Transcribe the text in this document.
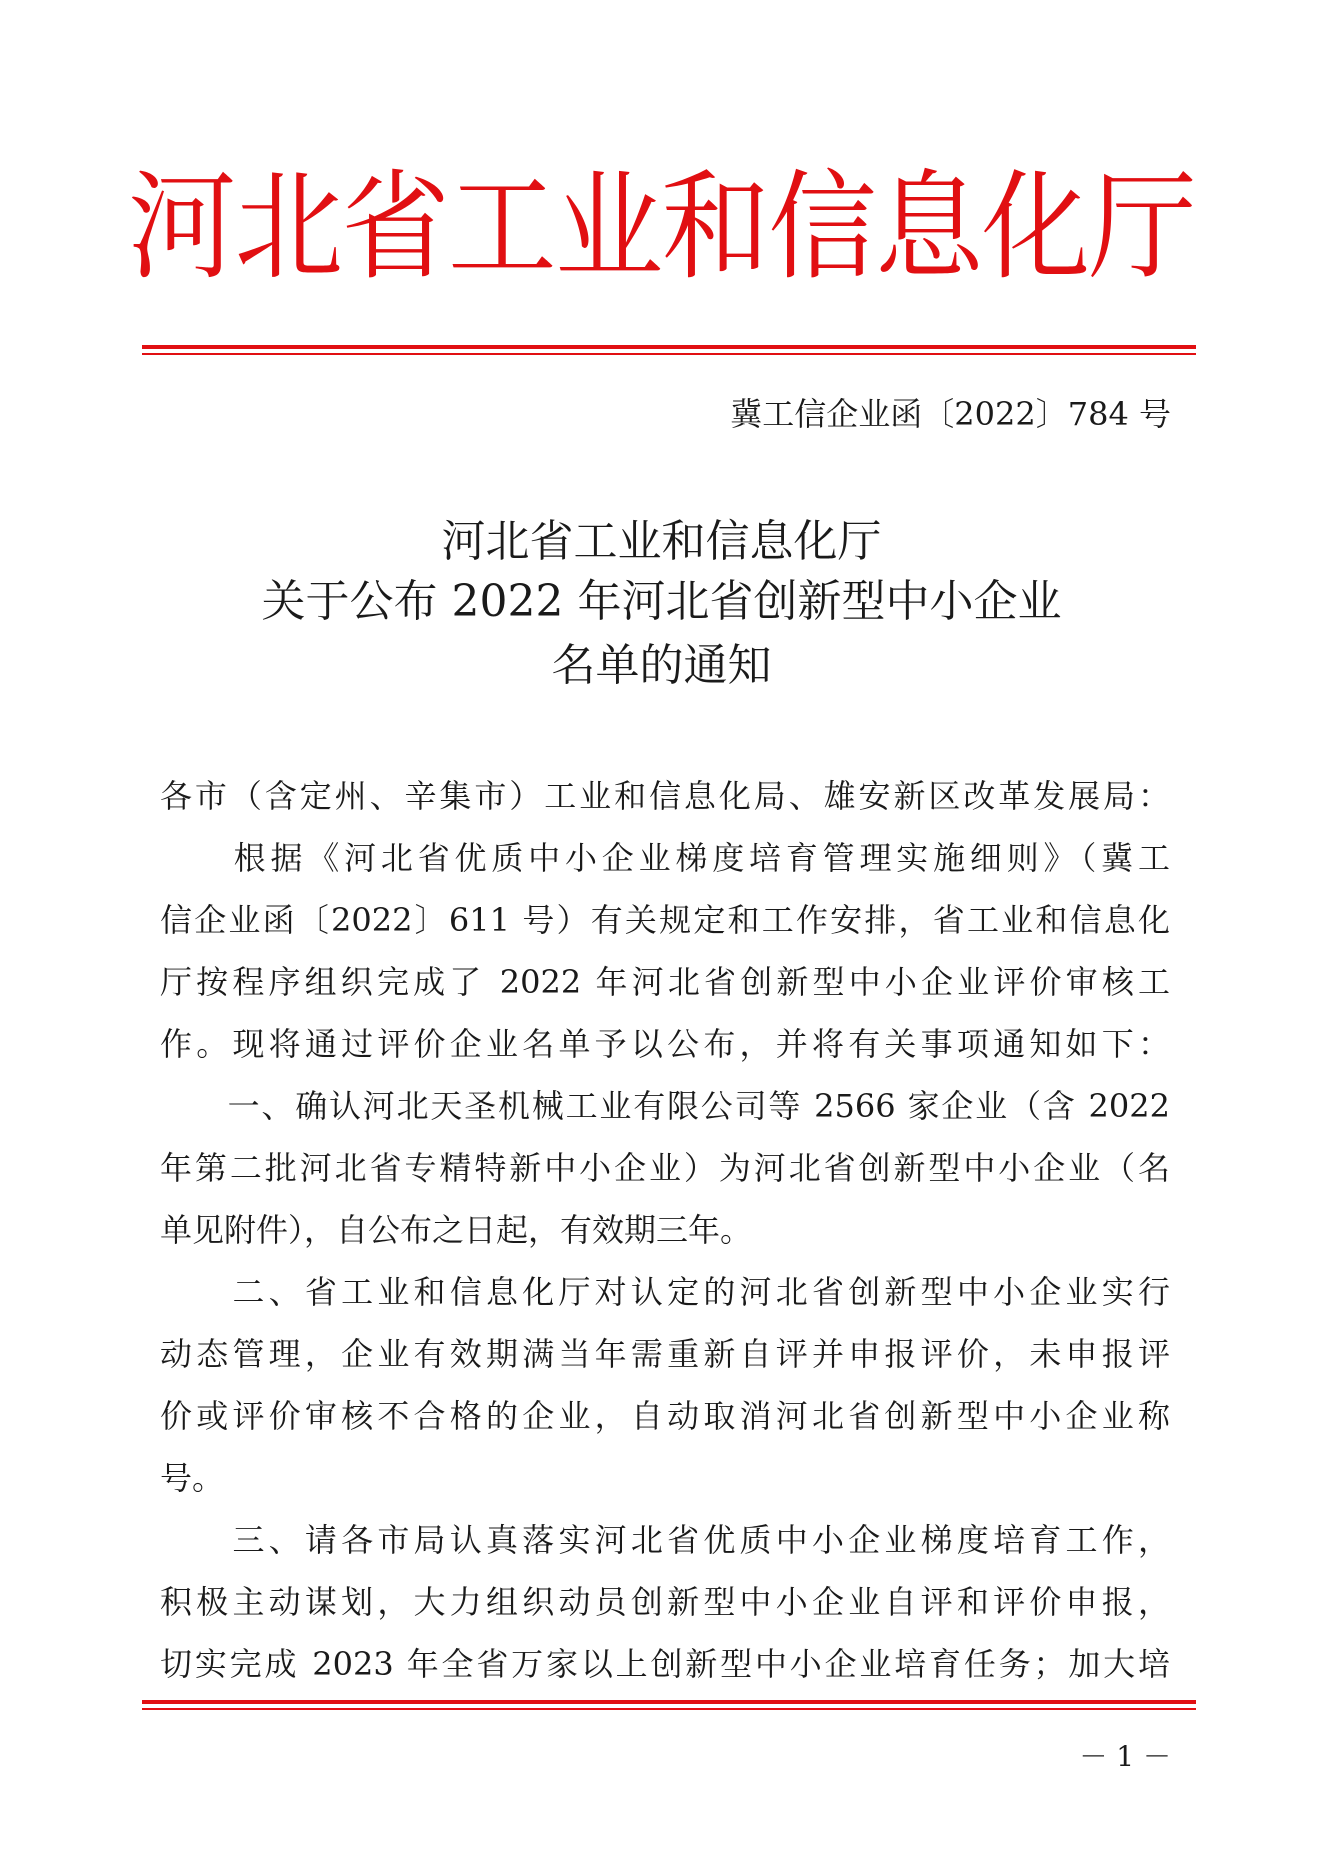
河北省工业和信息化厅
冀工信企业函〔2022〕784 号
河北省工业和信息化厅
关于公布 2022 年河北省创新型中小企业
名单的通知
各市（含定州、辛集市）工业和信息化局、雄安新区改革发展局：
　　根据《河北省优质中小企业梯度培育管理实施细则》（冀工
信企业函〔2022〕611 号）有关规定和工作安排，省工业和信息化
厅按程序组织完成了 2022 年河北省创新型中小企业评价审核工
作。现将通过评价企业名单予以公布，并将有关事项通知如下：
　　一、确认河北天圣机械工业有限公司等 2566 家企业（含 2022
年第二批河北省专精特新中小企业）为河北省创新型中小企业（名
单见附件），自公布之日起，有效期三年。
　　二、省工业和信息化厅对认定的河北省创新型中小企业实行
动态管理，企业有效期满当年需重新自评并申报评价，未申报评
价或评价审核不合格的企业，自动取消河北省创新型中小企业称
号。
　　三、请各市局认真落实河北省优质中小企业梯度培育工作，
积极主动谋划，大力组织动员创新型中小企业自评和评价申报，
切实完成 2023 年全省万家以上创新型中小企业培育任务；加大培
－ 1 －
